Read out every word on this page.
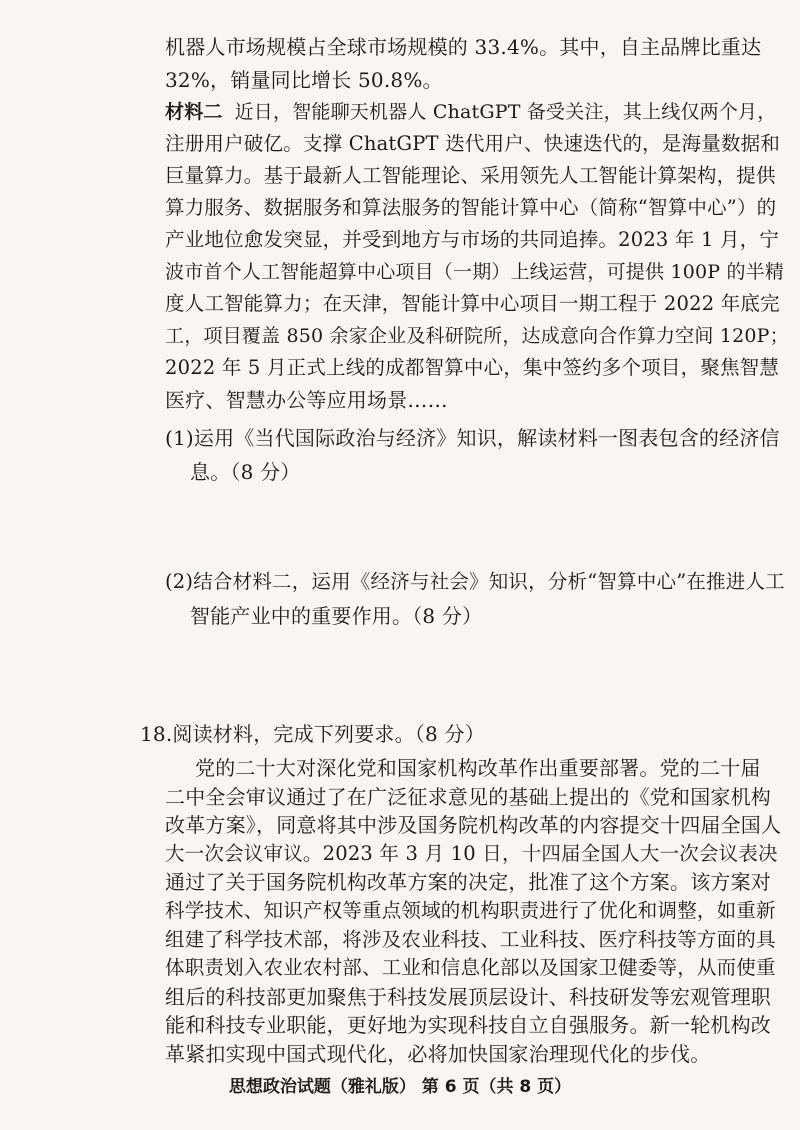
机器人市场规模占全球市场规模的 33.4%。其中，自主品牌比重达
32%，销量同比增长 50.8%。
材料二 近日，智能聊天机器人 ChatGPT 备受关注，其上线仅两个月，
注册用户破亿。支撑 ChatGPT 迭代用户、快速迭代的，是海量数据和
巨量算力。基于最新人工智能理论、采用领先人工智能计算架构，提供
算力服务、数据服务和算法服务的智能计算中心（简称“智算中心”）的
产业地位愈发突显，并受到地方与市场的共同追捧。2023 年 1 月，宁
波市首个人工智能超算中心项目（一期）上线运营，可提供 100P 的半精
度人工智能算力；在天津，智能计算中心项目一期工程于 2022 年底完
工，项目覆盖 850 余家企业及科研院所，达成意向合作算力空间 120P；
2022 年 5 月正式上线的成都智算中心，集中签约多个项目，聚焦智慧
医疗、智慧办公等应用场景……
(1)运用《当代国际政治与经济》知识，解读材料一图表包含的经济信
息。（8 分）
(2)结合材料二，运用《经济与社会》知识，分析“智算中心”在推进人工
智能产业中的重要作用。（8 分）
18.阅读材料，完成下列要求。（8 分）
党的二十大对深化党和国家机构改革作出重要部署。党的二十届
二中全会审议通过了在广泛征求意见的基础上提出的《党和国家机构
改革方案》，同意将其中涉及国务院机构改革的内容提交十四届全国人
大一次会议审议。2023 年 3 月 10 日，十四届全国人大一次会议表决
通过了关于国务院机构改革方案的决定，批准了这个方案。该方案对
科学技术、知识产权等重点领域的机构职责进行了优化和调整，如重新
组建了科学技术部，将涉及农业科技、工业科技、医疗科技等方面的具
体职责划入农业农村部、工业和信息化部以及国家卫健委等，从而使重
组后的科技部更加聚焦于科技发展顶层设计、科技研发等宏观管理职
能和科技专业职能，更好地为实现科技自立自强服务。新一轮机构改
思想政治试题（雅礼版） 第 6 页（共 8 页）
革紧扣实现中国式现代化，必将加快国家治理现代化的步伐。
